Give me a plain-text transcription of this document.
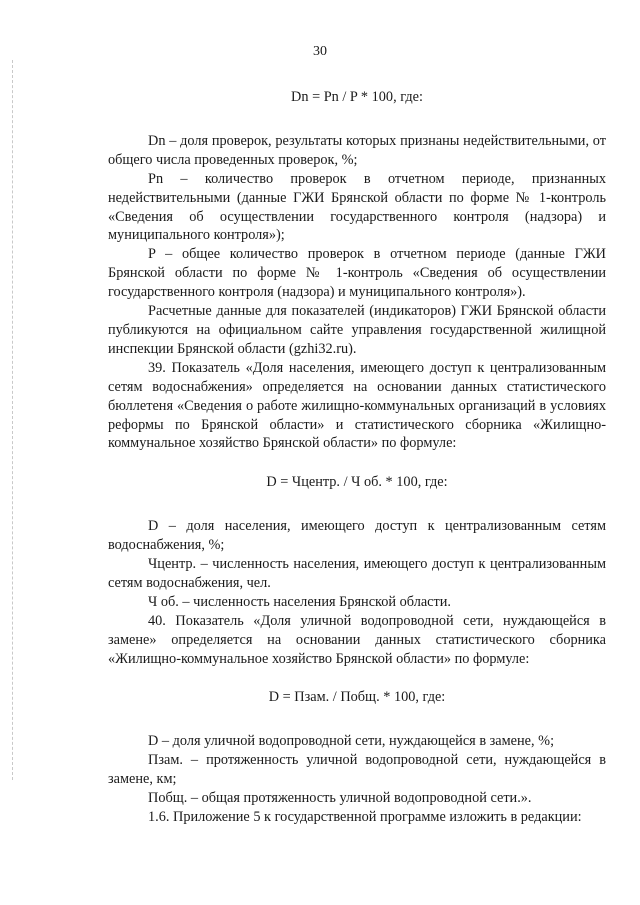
30

Dn = Pn / P * 100, где:

Dn – доля проверок, результаты которых признаны недействительными, от общего числа проведенных проверок, %;

Pn – количество проверок в отчетном периоде, признанных недействительными (данные ГЖИ Брянской области по форме № 1-контроль «Сведения об осуществлении государственного контроля (надзора) и муниципального контроля»);

P – общее количество проверок в отчетном периоде (данные ГЖИ Брянской области по форме № 1-контроль «Сведения об осуществлении государственного контроля (надзора) и муниципального контроля»).

Расчетные данные для показателей (индикаторов) ГЖИ Брянской области публикуются на официальном сайте управления государственной жилищной инспекции Брянской области (gzhi32.ru).

39. Показатель «Доля населения, имеющего доступ к централизованным сетям водоснабжения» определяется на основании данных статистического бюллетеня «Сведения о работе жилищно-коммунальных организаций в условиях реформы по Брянской области» и статистического сборника «Жилищно-коммунальное хозяйство Брянской области» по формуле:

D = Чцентр. / Ч об. * 100, где:

D – доля населения, имеющего доступ к централизованным сетям водоснабжения, %;

Чцентр. – численность населения, имеющего доступ к централизованным сетям водоснабжения, чел.

Ч об. – численность населения Брянской области.

40. Показатель «Доля уличной водопроводной сети, нуждающейся в замене» определяется на основании данных статистического сборника «Жилищно-коммунальное хозяйство Брянской области» по формуле:

D = Пзам. / Побщ. * 100, где:

D – доля уличной водопроводной сети, нуждающейся в замене, %;

Пзам. – протяженность уличной водопроводной сети, нуждающейся в замене, км;

Побщ. – общая протяженность уличной водопроводной сети.».

1.6. Приложение 5 к государственной программе изложить в редакции:
